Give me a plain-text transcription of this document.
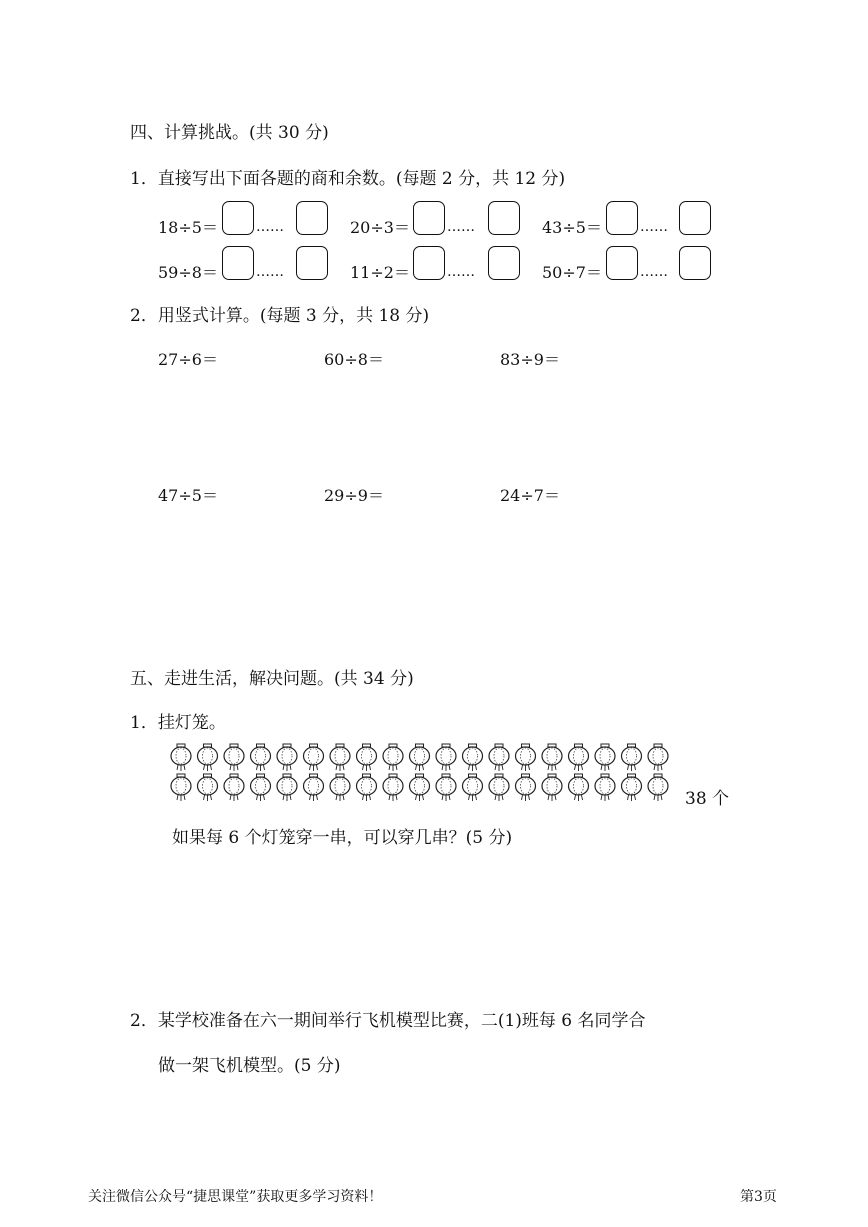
四、计算挑战。(共 30 分)
1．直接写出下面各题的商和余数。(每题 2 分，共 12 分)
18÷5＝	……	20÷3＝	……	43÷5＝	……
59÷8＝	……	11÷2＝	……	50÷7＝	……
2．用竖式计算。(每题 3 分，共 18 分)
27÷6＝	60÷8＝	83÷9＝
47÷5＝	29÷9＝	24÷7＝
五、走进生活，解决问题。(共 34 分)
1．挂灯笼。
38 个
如果每 6 个灯笼穿一串，可以穿几串？(5 分)
2．某学校准备在六一期间举行飞机模型比赛，二(1)班每 6 名同学合
做一架飞机模型。(5 分)
关注微信公众号“捷思课堂”获取更多学习资料！	第3页
